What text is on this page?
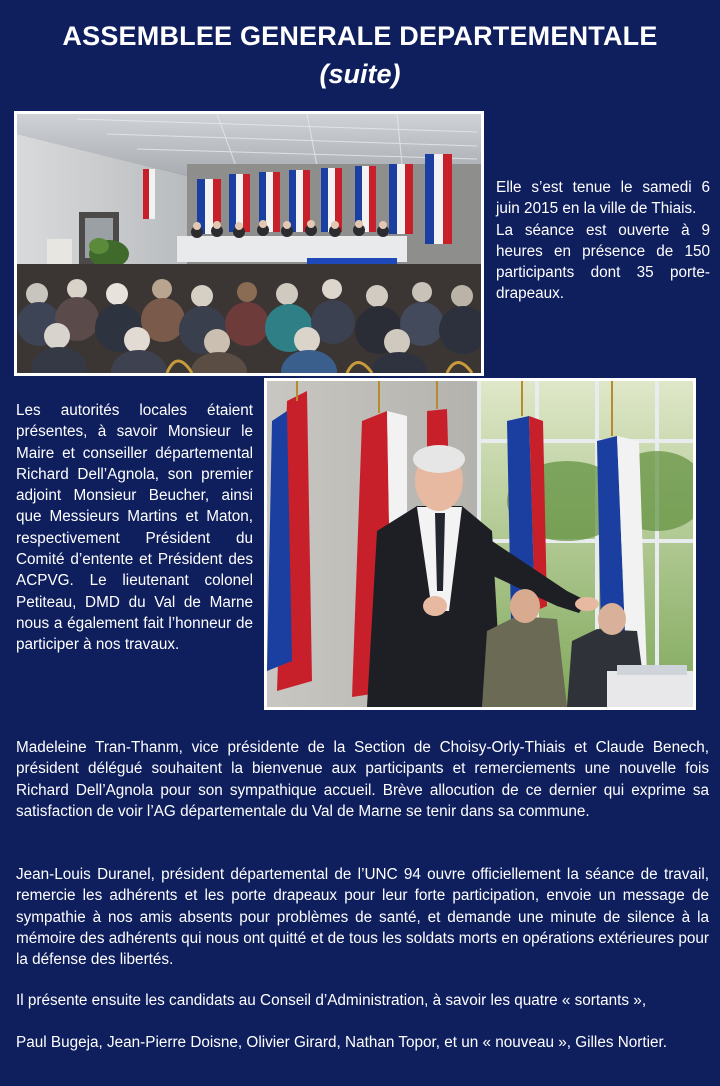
ASSEMBLEE GENERALE DEPARTEMENTALE
(suite)

Elle s’est tenue le samedi 6 juin 2015 en la ville de Thiais.
La séance est ouverte à 9 heures en présence de 150 participants dont 35 porte-drapeaux.

Les autorités locales étaient présentes, à savoir Monsieur le Maire et conseiller départemental Richard Dell’Agnola, son premier adjoint Monsieur Beucher, ainsi que Messieurs Martins et Maton, respectivement Président du Comité d’entente et Président des ACPVG. Le lieutenant colonel Petiteau, DMD du Val de Marne nous a également fait l’honneur de participer à nos travaux.

Madeleine Tran-Thanm, vice présidente de la Section de Choisy-Orly-Thiais et Claude Benech, président délégué souhaitent la bienvenue aux participants et remerciements une nouvelle fois Richard Dell’Agnola pour son sympathique accueil. Brève allocution de ce dernier qui exprime sa satisfaction de voir l’AG départementale du Val de Marne se tenir dans sa commune.

Jean-Louis Duranel, président départemental de l’UNC 94 ouvre officiellement la séance de travail, remercie les adhérents et les porte drapeaux pour leur forte participation, envoie un message de sympathie à nos amis absents pour problèmes de santé, et demande une minute de silence à la mémoire des adhérents qui nous ont quitté et de tous les soldats morts en opérations extérieures pour la défense des libertés.

Il présente ensuite les candidats au Conseil d’Administration, à savoir les quatre « sortants »,

Paul Bugeja, Jean-Pierre Doisne, Olivier Girard, Nathan Topor, et un « nouveau », Gilles Nortier.
